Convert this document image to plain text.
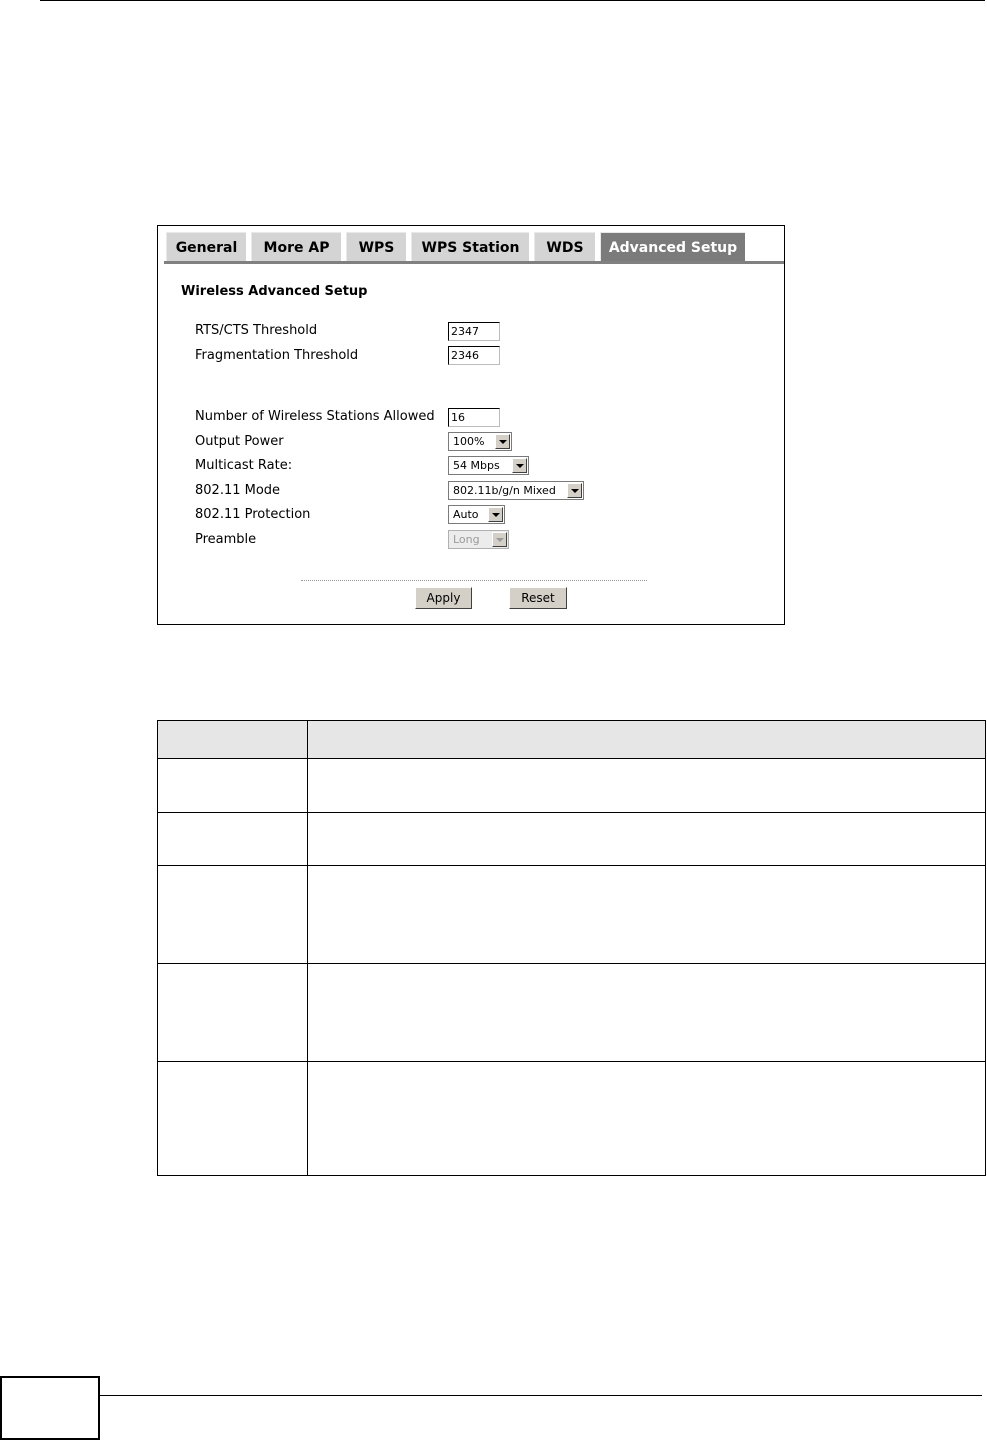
General	More AP	WPS	WPS Station	WDS	Advanced Setup
Wireless Advanced Setup
RTS/CTS Threshold	2347
Fragmentation Threshold	2346
Number of Wireless Stations Allowed 16
Output Power	100%
Multicast Rate:	54 Mbps
802.11 Mode	802.11b/g/n Mixed
802.11 Protection	Auto
Preamble	Long
Apply	Reset
